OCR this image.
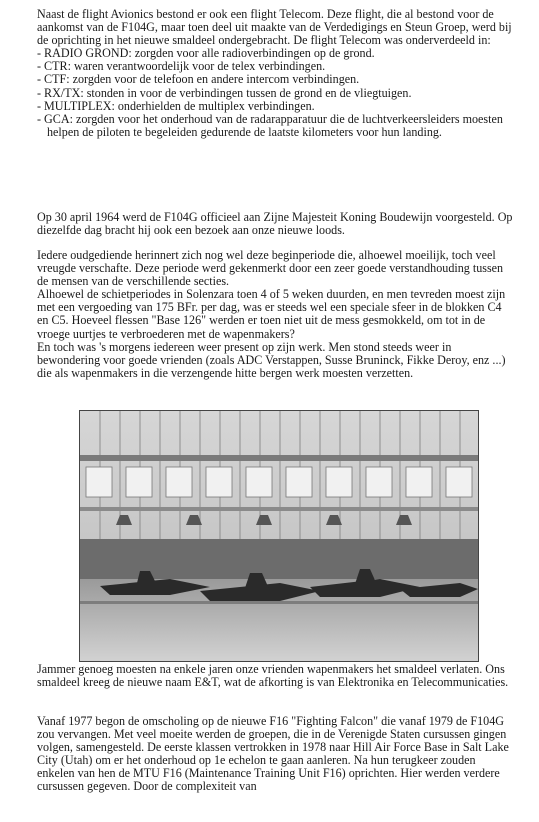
Naast de flight Avionics bestond er ook een flight Telecom. Deze flight, die al bestond voor de aankomst van de F104G, maar toen deel uit maakte van de Verdedigings en Steun Groep, werd bij de oprichting in het nieuwe smaldeel ondergebracht. De flight Telecom was onderverdeeld in:

- RADIO GROND: zorgden voor alle radioverbindingen op de grond.
- CTR: waren verantwoordelijk voor de telex verbindingen.
- CTF: zorgden voor de telefoon en andere intercom verbindingen.
- RX/TX: stonden in voor de verbindingen tussen de grond en de vliegtuigen.
- MULTIPLEX: onderhielden de multiplex verbindingen.
- GCA: zorgden voor het onderhoud van de radarapparatuur die de luchtverkeersleiders moesten helpen de piloten te begeleiden gedurende de laatste kilometers voor hun landing.

Op 30 april 1964 werd de F104G officieel aan Zijne Majesteit Koning Boudewijn voorgesteld. Op diezelfde dag bracht hij ook een bezoek aan onze nieuwe loods.

Iedere oudgediende herinnert zich nog wel deze beginperiode die, alhoewel moeilijk, toch veel vreugde verschafte. Deze periode werd gekenmerkt door een zeer goede verstandhouding tussen de mensen van de verschillende secties.

Alhoewel de schietperiodes in Solenzara toen 4 of 5 weken duurden, en men tevreden moest zijn met een vergoeding van 175 BFr. per dag, was er steeds wel een speciale sfeer in de blokken C4 en C5. Hoeveel flessen "Base 126" werden er toen niet uit de mess gesmokkeld, om tot in de vroege uurtjes te verbroederen met de wapenmakers?

En toch was 's morgens iedereen weer present op zijn werk. Men stond steeds weer in bewondering voor goede vrienden (zoals ADC Verstappen, Susse Bruninck, Fikke Deroy, enz ...) die als wapenmakers in die verzengende hitte bergen werk moesten verzetten.

Jammer genoeg moesten na enkele jaren onze vrienden wapenmakers het smaldeel verlaten. Ons smaldeel kreeg de nieuwe naam E&T, wat de afkorting is van Elektronika en Telecommunicaties.

Vanaf 1977 begon de omscholing op de nieuwe F16 "Fighting Falcon" die vanaf 1979 de F104G zou vervangen. Met veel moeite werden de groepen, die in de Verenigde Staten cursussen gingen volgen, samengesteld. De eerste klassen vertrokken in 1978 naar Hill Air Force Base in Salt Lake City (Utah) om er het onderhoud op 1e echelon te gaan aanleren. Na hun terugkeer zouden enkelen van hen de MTU F16 (Maintenance Training Unit F16) oprichten. Hier werden verdere cursussen gegeven. Door de complexiteit van
